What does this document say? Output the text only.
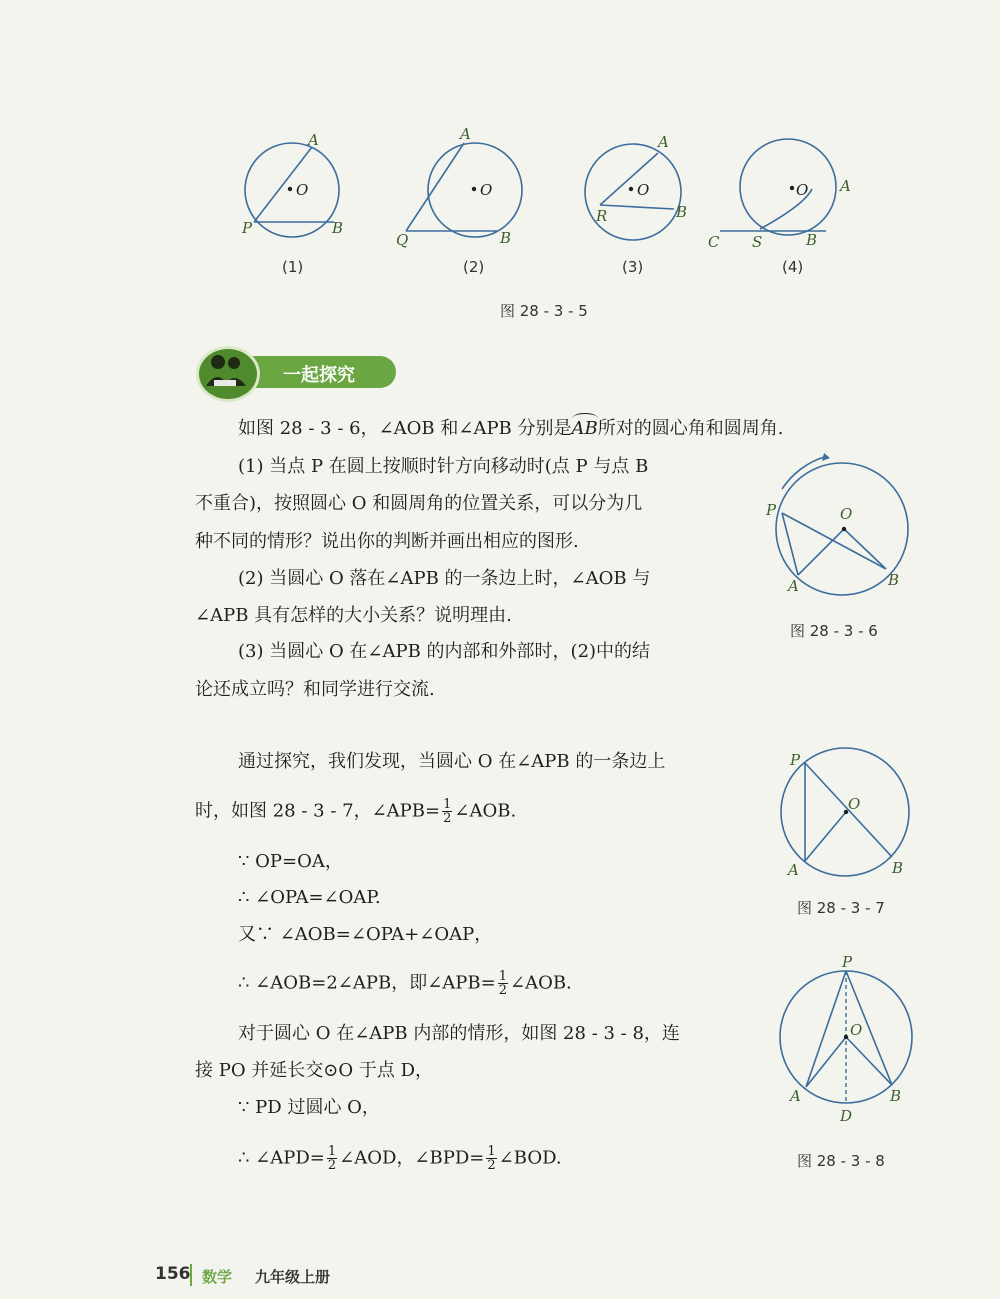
A
O
P	B
(1)
A
O
Q	B
(2)
A
O
R	B
(3)
O A
C S	B
(4)
图 28 - 3 - 5
一起探究
如图 28 - 3 - 6，∠AOB 和∠APB 分别是AB所对的圆心角和圆周角.
(1) 当点 P 在圆上按顺时针方向移动时(点 P 与点 B
不重合)，按照圆心 O 和圆周角的位置关系，可以分为几
种不同的情形？说出你的判断并画出相应的图形.
(2) 当圆心 O 落在∠APB 的一条边上时，∠AOB 与
∠APB 具有怎样的大小关系？说明理由.
(3) 当圆心 O 在∠APB 的内部和外部时，(2)中的结
论还成立吗？和同学进行交流.
P	O
A	B
图 28 - 3 - 6
通过探究，我们发现，当圆心 O 在∠APB 的一条边上
时，如图 28 - 3 - 7，∠APB= $\frac{1}{2}$ ∠AOB.
∵ OP=OA，
∴ ∠OPA=∠OAP.
又∵ ∠AOB=∠OPA+∠OAP，
∴ ∠AOB=2∠APB，即∠APB= $\frac{1}{2}$ ∠AOB.
P
O
A	B
图 28 - 3 - 7
对于圆心 O 在∠APB 内部的情形，如图 28 - 3 - 8，连
接 PO 并延长交⊙O 于点 D，
∵ PD 过圆心 O，
∴ ∠APD= $\frac{1}{2}$ ∠AOD，∠BPD= $\frac{1}{2}$ ∠BOD.
P
O
A	B
D
图 28 - 3 - 8
156 数学 九年级上册
